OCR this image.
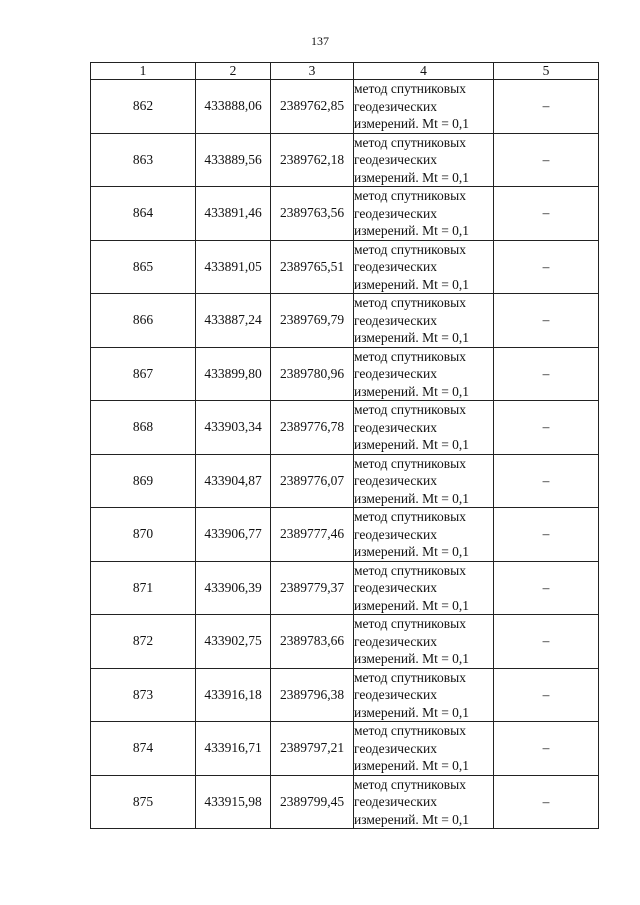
137
1	2	3	4	5
862	433888,06	2389762,85	метод спутниковых
геодезических
измерений. Mt = 0,1	–
863	433889,56	2389762,18	метод спутниковых
геодезических
измерений. Mt = 0,1	–
864	433891,46	2389763,56	метод спутниковых
геодезических
измерений. Mt = 0,1	–
865	433891,05	2389765,51	метод спутниковых
геодезических
измерений. Mt = 0,1	–
866	433887,24	2389769,79	метод спутниковых
геодезических
измерений. Mt = 0,1	–
867	433899,80	2389780,96	метод спутниковых
геодезических
измерений. Mt = 0,1	–
868	433903,34	2389776,78	метод спутниковых
геодезических
измерений. Mt = 0,1	–
869	433904,87	2389776,07	метод спутниковых
геодезических
измерений. Mt = 0,1	–
870	433906,77	2389777,46	метод спутниковых
геодезических
измерений. Mt = 0,1	–
871	433906,39	2389779,37	метод спутниковых
геодезических
измерений. Mt = 0,1	–
872	433902,75	2389783,66	метод спутниковых
геодезических
измерений. Mt = 0,1	–
873	433916,18	2389796,38	метод спутниковых
геодезических
измерений. Mt = 0,1	–
874	433916,71	2389797,21	метод спутниковых
геодезических
измерений. Mt = 0,1	–
875	433915,98	2389799,45	метод спутниковых
геодезических
измерений. Mt = 0,1	–
